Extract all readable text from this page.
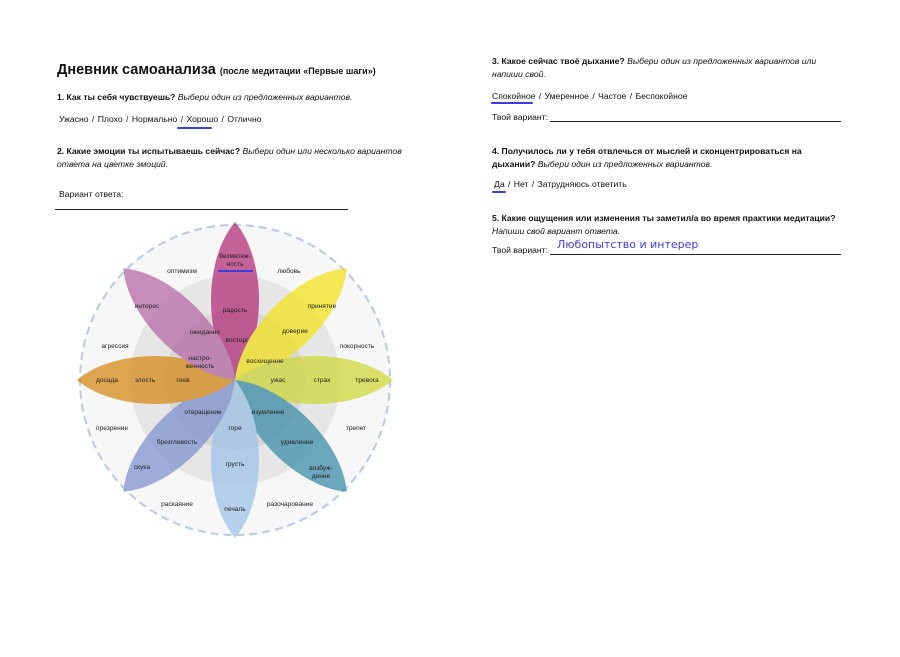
Дневник самоанализа (после медитации «Первые шаги»)
1. Как ты себя чувствуешь? Выбери один из предложенных вариантов.
Ужасно / Плохо / Нормально / Хорошо / Отлично
2. Какие эмоции ты испытываешь сейчас? Выбери один или несколько вариантов
ответа на цветке эмоций.
Вариант ответа:
безмятеж-
ность
радость
восторг
ожидание
настро-
женность
восхищение
доверие
ужас	страх
изумление
удивление
отвращение
горе
грусть
брезгливость
злость	гнев
интерес	принятие
досада	тревога
скука
печаль
возбуж-
дение
оптимизм	любовь
покорность
трепет
разочарование
раскаяние
презрение
агрессия
3. Какое сейчас твоё дыхание? Выбери один из предложенных вариантов или
напиши свой.
Спокойное / Умеренное / Частое / Беспокойное
Твой вариант:
4. Получилось ли у тебя отвлечься от мыслей и сконцентрироваться на
дыхании? Выбери один из предложенных вариантов.
Да / Нет / Затрудняюсь ответить
5. Какие ощущения или изменения ты заметил/а во время практики медитации?
Напиши свой вариант ответа.
Твой вариант: Любопытство и интерер
